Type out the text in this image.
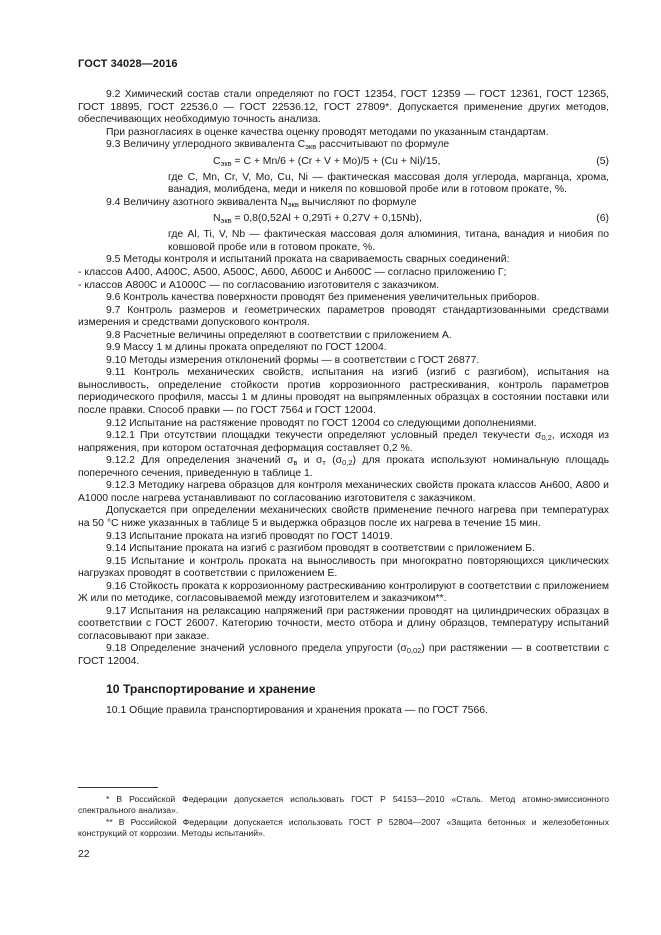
ГОСТ 34028—2016

9.2 Химический состав стали определяют по ГОСТ 12354, ГОСТ 12359 — ГОСТ 12361, ГОСТ 12365, ГОСТ 18895, ГОСТ 22536.0 — ГОСТ 22536.12, ГОСТ 27809*. Допускается применение других методов, обеспечивающих необходимую точность анализа.

При разногласиях в оценке качества оценку проводят методами по указанным стандартам.

9.3 Величину углеродного эквивалента $С_{экв}$ рассчитывают по формуле

$С_{экв} = C + Mn/6 + (Cr + V + Mo)/5 + (Cu + Ni)/15$,	(5)

где C, Mn, Cr, V, Mo, Cu, Ni — фактическая массовая доля углерода, марганца, хрома, ванадия, молибдена, меди и никеля по ковшовой пробе или в готовом прокате, %.

9.4 Величину азотного эквивалента $N_{экв}$ вычисляют по формуле

$N_{экв} = 0,8(0,52Al + 0,29Ti + 0,27V + 0,15Nb)$,	(6)

где Al, Ti, V, Nb — фактическая массовая доля алюминия, титана, ванадия и ниобия по ковшовой пробе или в готовом прокате, %.

9.5 Методы контроля и испытаний проката на свариваемость сварных соединений:

- классов А400, А400С, А500, А500С, А600, А600С и Ан600С — согласно приложению Г;

- классов А800С и А1000С — по согласованию изготовителя с заказчиком.

9.6 Контроль качества поверхности проводят без применения увеличительных приборов.

9.7 Контроль размеров и геометрических параметров проводят стандартизованными средствами измерения и средствами допускового контроля.

9.8 Расчетные величины определяют в соответствии с приложением А.

9.9 Массу 1 м длины проката определяют по ГОСТ 12004.

9.10 Методы измерения отклонений формы — в соответствии с ГОСТ 26877.

9.11 Контроль механических свойств, испытания на изгиб (изгиб с разгибом), испытания на выносливость, определение стойкости против коррозионного растрескивания, контроль параметров периодического профиля, массы 1 м длины проводят на выпрямленных образцах в состоянии поставки или после правки. Способ правки — по ГОСТ 7564 и ГОСТ 12004.

9.12 Испытание на растяжение проводят по ГОСТ 12004 со следующими дополнениями.

9.12.1 При отсутствии площадки текучести определяют условный предел текучести $\sigma_{0,2}$, исходя из напряжения, при котором остаточная деформация составляет 0,2 %.

9.12.2 Для определения значений $\sigma_в$ и $\sigma_т$ $(\sigma_{0,2})$ для проката используют номинальную площадь поперечного сечения, приведенную в таблице 1.

9.12.3 Методику нагрева образцов для контроля механических свойств проката классов Ан600, А800 и А1000 после нагрева устанавливают по согласованию изготовителя с заказчиком.

Допускается при определении механических свойств применение печного нагрева при температурах на 50 °С ниже указанных в таблице 5 и выдержка образцов после их нагрева в течение 15 мин.

9.13 Испытание проката на изгиб проводят по ГОСТ 14019.

9.14 Испытание проката на изгиб с разгибом проводят в соответствии с приложением Б.

9.15 Испытание и контроль проката на выносливость при многократно повторяющихся циклических нагрузках проводят в соответствии с приложением Е.

9.16 Стойкость проката к коррозионному растрескиванию контролируют в соответствии с приложением Ж или по методике, согласовываемой между изготовителем и заказчиком**.

9.17 Испытания на релаксацию напряжений при растяжении проводят на цилиндрических образцах в соответствии с ГОСТ 26007. Категорию точности, место отбора и длину образцов, температуру испытаний согласовывают при заказе.

9.18 Определение значений условного предела упругости $(\sigma_{0,02})$ при растяжении — в соответствии с ГОСТ 12004.

10 Транспортирование и хранение

10.1 Общие правила транспортирования и хранения проката — по ГОСТ 7566.

* В Российской Федерации допускается использовать ГОСТ Р 54153—2010 «Сталь. Метод атомно-эмиссионного спектрального анализа».

** В Российской Федерации допускается использовать ГОСТ Р 52804—2007 «Защита бетонных и железобетонных конструкций от коррозии. Методы испытаний».

22
